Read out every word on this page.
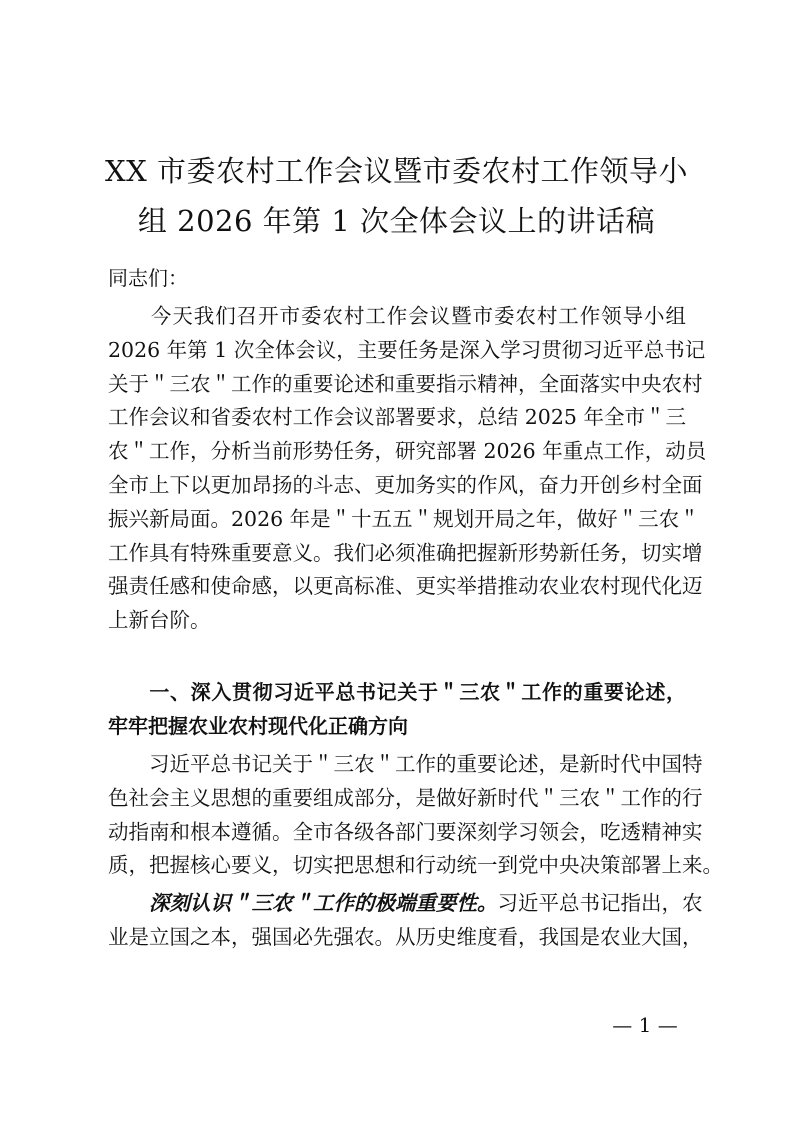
XX 市委农村工作会议暨市委农村工作领导小
组 2026 年第 1 次全体会议上的讲话稿

同志们：

　　今天我们召开市委农村工作会议暨市委农村工作领导小组
2026 年第 1 次全体会议，主要任务是深入学习贯彻习近平总书记
关于＂三农＂工作的重要论述和重要指示精神，全面落实中央农村
工作会议和省委农村工作会议部署要求，总结 2025 年全市＂三
农＂工作，分析当前形势任务，研究部署 2026 年重点工作，动员
全市上下以更加昂扬的斗志、更加务实的作风，奋力开创乡村全面
振兴新局面。2026 年是＂十五五＂规划开局之年，做好＂三农＂
工作具有特殊重要意义。我们必须准确把握新形势新任务，切实增
强责任感和使命感，以更高标准、更实举措推动农业农村现代化迈
上新台阶。
　　一、深入贯彻习近平总书记关于＂三农＂工作的重要论述，
牢牢把握农业农村现代化正确方向
　　习近平总书记关于＂三农＂工作的重要论述，是新时代中国特
色社会主义思想的重要组成部分，是做好新时代＂三农＂工作的行
动指南和根本遵循。全市各级各部门要深刻学习领会，吃透精神实
质，把握核心要义，切实把思想和行动统一到党中央决策部署上来。
　　深刻认识＂三农＂工作的极端重要性。习近平总书记指出，农
业是立国之本，强国必先强农。从历史维度看，我国是农业大国，
— 1 —
